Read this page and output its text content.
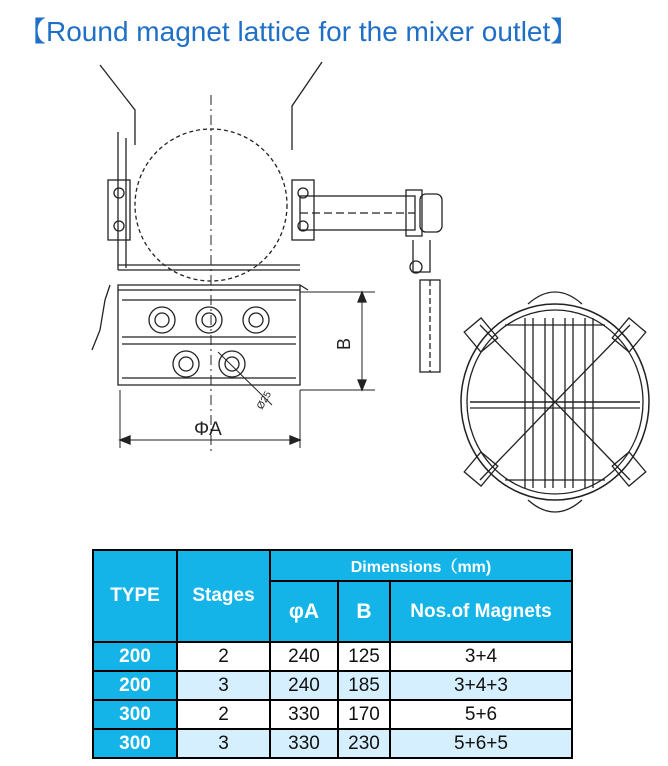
【Round magnet lattice for the mixer outlet】
ΦA
B
Ø25
TYPE	Stages	Dimensions（mm)		
		φA	B	Nos.of Magnets
200	2	240	125	3+4
200	3	240	185	3+4+3
300	2	330	170	5+6
300	3	330	230	5+6+5
